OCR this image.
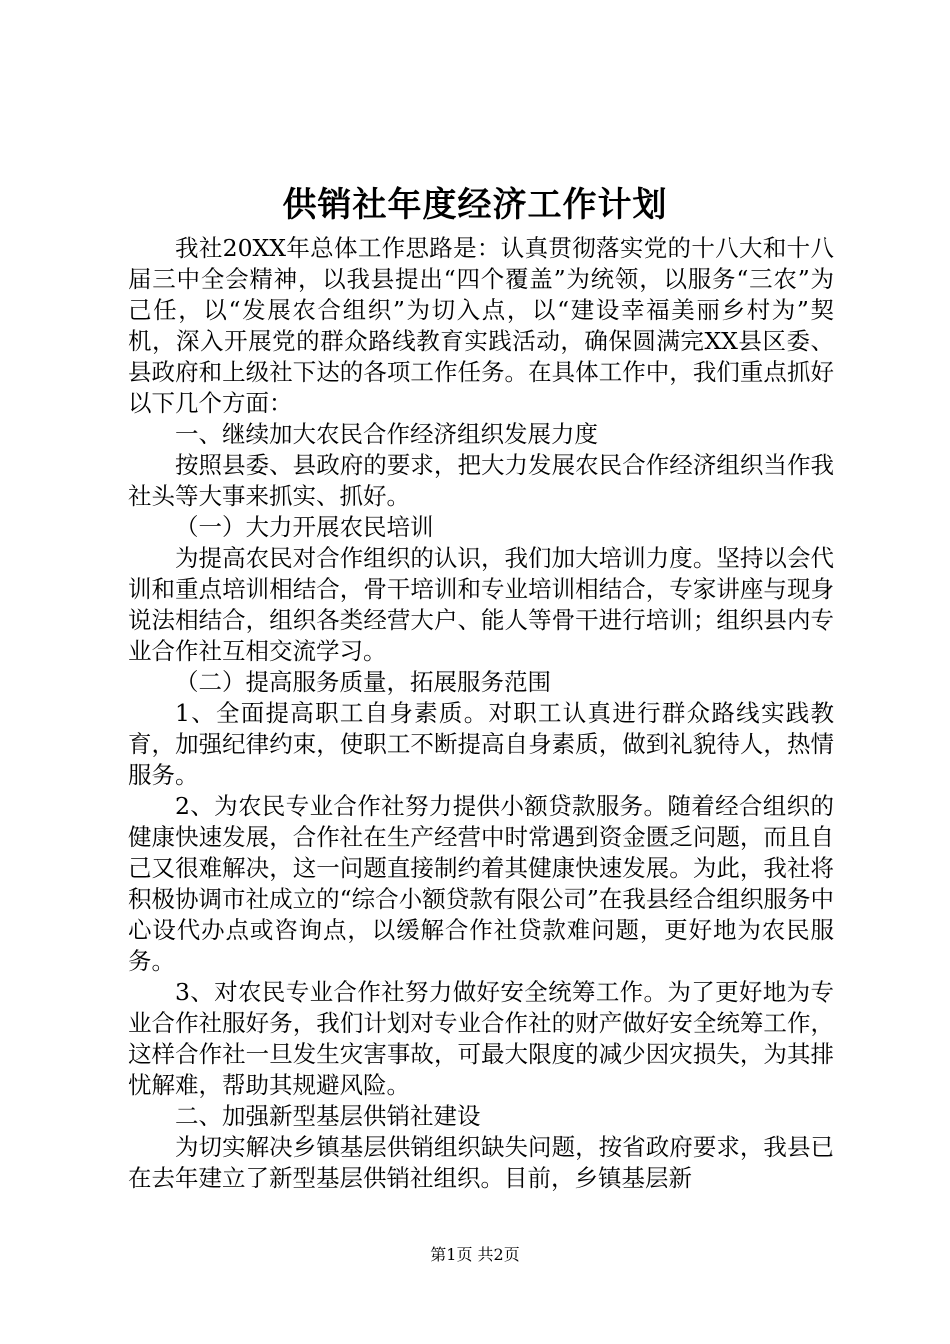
供销社年度经济工作计划

我社20XX年总体工作思路是：认真贯彻落实党的十八大和十八届三中全会精神，以我县提出“四个覆盖”为统领，以服务“三农”为己任，以“发展农合组织”为切入点，以“建设幸福美丽乡村为”契机，深入开展党的群众路线教育实践活动，确保圆满完XX县区委、县政府和上级社下达的各项工作任务。在具体工作中，我们重点抓好以下几个方面：

一、继续加大农民合作经济组织发展力度

按照县委、县政府的要求，把大力发展农民合作经济组织当作我社头等大事来抓实、抓好。

（一）大力开展农民培训

为提高农民对合作组织的认识，我们加大培训力度。坚持以会代训和重点培训相结合，骨干培训和专业培训相结合，专家讲座与现身说法相结合，组织各类经营大户、能人等骨干进行培训；组织县内专业合作社互相交流学习。

（二）提高服务质量，拓展服务范围

1、全面提高职工自身素质。对职工认真进行群众路线实践教育，加强纪律约束，使职工不断提高自身素质，做到礼貌待人，热情服务。

2、为农民专业合作社努力提供小额贷款服务。随着经合组织的健康快速发展，合作社在生产经营中时常遇到资金匮乏问题，而且自己又很难解决，这一问题直接制约着其健康快速发展。为此，我社将积极协调市社成立的“综合小额贷款有限公司”在我县经合组织服务中心设代办点或咨询点，以缓解合作社贷款难问题，更好地为农民服务。

3、对农民专业合作社努力做好安全统筹工作。为了更好地为专业合作社服好务，我们计划对专业合作社的财产做好安全统筹工作，这样合作社一旦发生灾害事故，可最大限度的减少因灾损失，为其排忧解难，帮助其规避风险。

二、加强新型基层供销社建设

为切实解决乡镇基层供销组织缺失问题，按省政府要求，我县已在去年建立了新型基层供销社组织。目前，乡镇基层新

第1页 共2页
